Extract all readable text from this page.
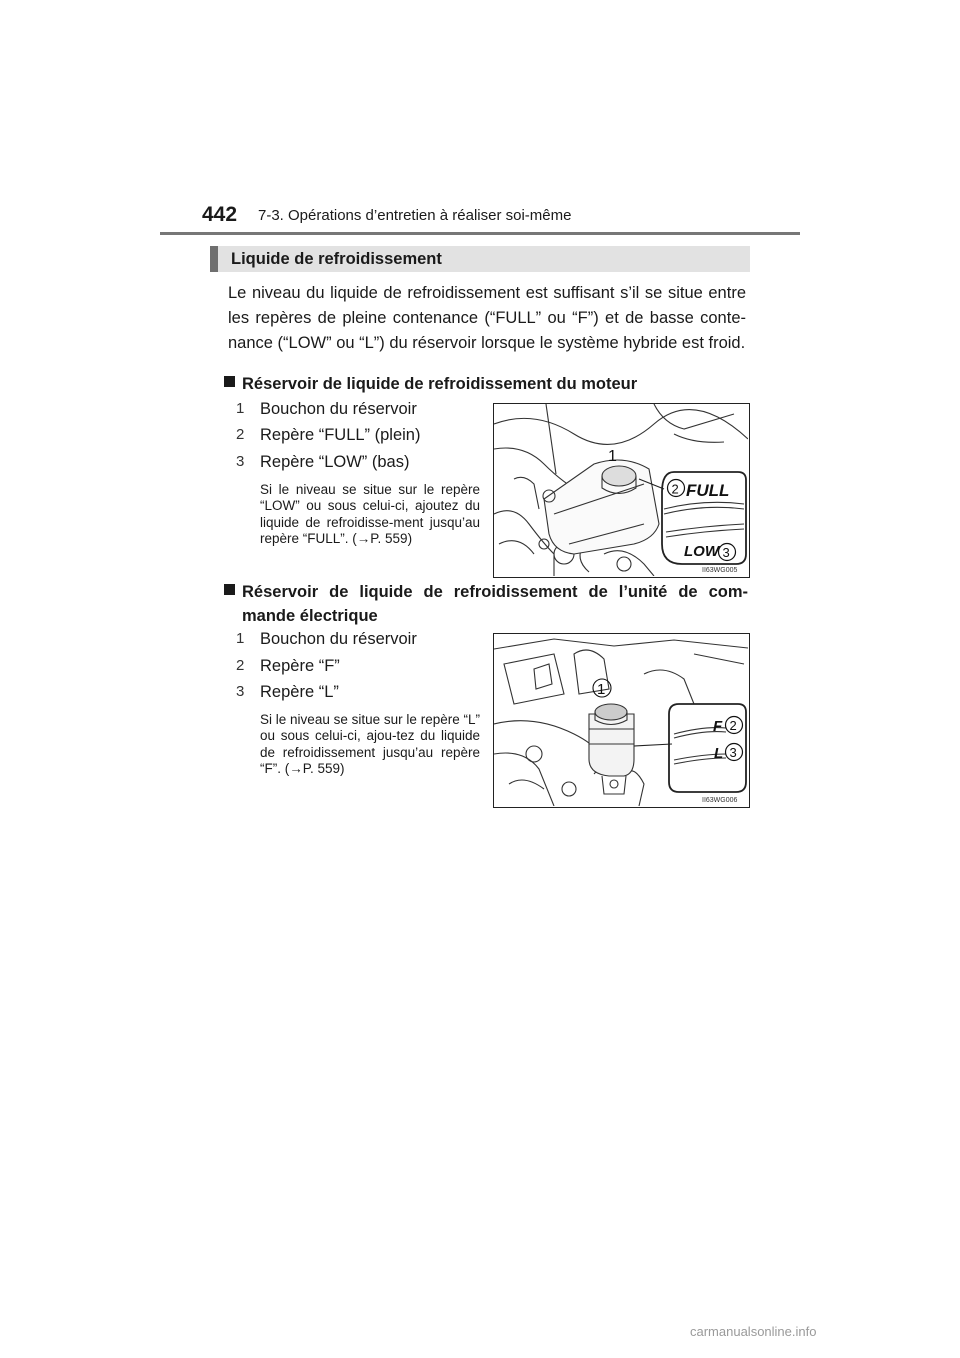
442 7-3. Opérations d’entretien à réaliser soi-même
Liquide de refroidissement
Le niveau du liquide de refroidissement est suffisant s’il se situe entre les repères de pleine contenance (“FULL” ou “F”) et de basse conte-nance (“LOW” ou “L”) du réservoir lorsque le système hybride est froid.
Réservoir de liquide de refroidissement du moteur
1 Bouchon du réservoir
2 Repère “FULL” (plein)
3 Repère “LOW” (bas)
Si le niveau se situe sur le repère “LOW” ou sous celui-ci, ajoutez du liquide de refroidisse-ment jusqu’au repère “FULL”. (→P. 559)
1
2 FULL
LOW 3
II63WG005
Réservoir de liquide de refroidissement de l’unité de com-mande électrique
1 Bouchon du réservoir
2 Repère “F”
3 Repère “L”
Si le niveau se situe sur le repère “L” ou sous celui-ci, ajou-tez du liquide de refroidissement jusqu’au repère “F”. (→P. 559)
1
F 2
L 3
II63WG006
carmanualsonline.info
